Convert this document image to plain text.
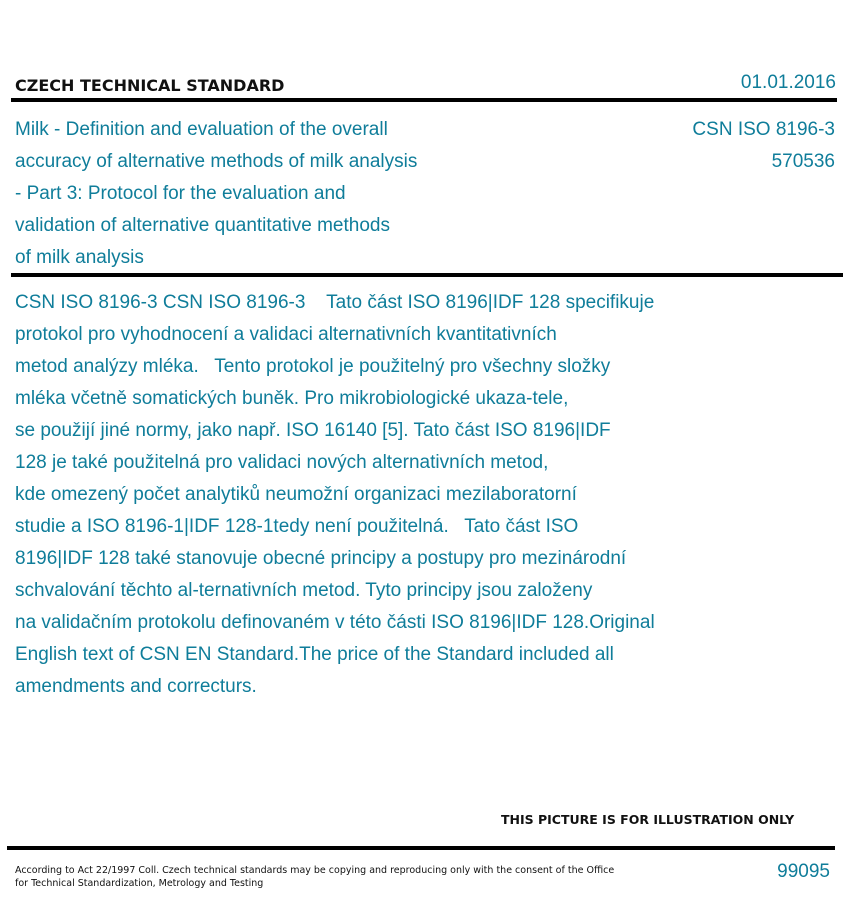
CZECH TECHNICAL STANDARD	01.01.2016
Milk - Definition and evaluation of the overall
accuracy of alternative methods of milk analysis
- Part 3: Protocol for the evaluation and
validation of alternative quantitative methods
of milk analysis
CSN ISO 8196-3
570536
CSN ISO 8196-3 CSN ISO 8196-3    Tato část ISO 8196|IDF 128 specifikuje
protokol pro vyhodnocení a validaci alternativních kvantitativních
metod analýzy mléka.   Tento protokol je použitelný pro všechny složky
mléka včetně somatických buněk. Pro mikrobiologické ukaza-tele,
se použijí jiné normy, jako např. ISO 16140 [5]. Tato část ISO 8196|IDF
128 je také použitelná pro validaci nových alternativních metod,
kde omezený počet analytiků neumožní organizaci mezilaboratorní
studie a ISO 8196-1|IDF 128-1tedy není použitelná.   Tato část ISO
8196|IDF 128 také stanovuje obecné principy a postupy pro mezinárodní
schvalování těchto al-ternativních metod. Tyto principy jsou založeny
na validačním protokolu definovaném v této části ISO 8196|IDF 128.Original
English text of CSN EN Standard.The price of the Standard included all
amendments and correcturs.
THIS PICTURE IS FOR ILLUSTRATION ONLY
According to Act 22/1997 Coll. Czech technical standards may be copying and reproducing only with the consent of the Office
for Technical Standardization, Metrology and Testing
99095
